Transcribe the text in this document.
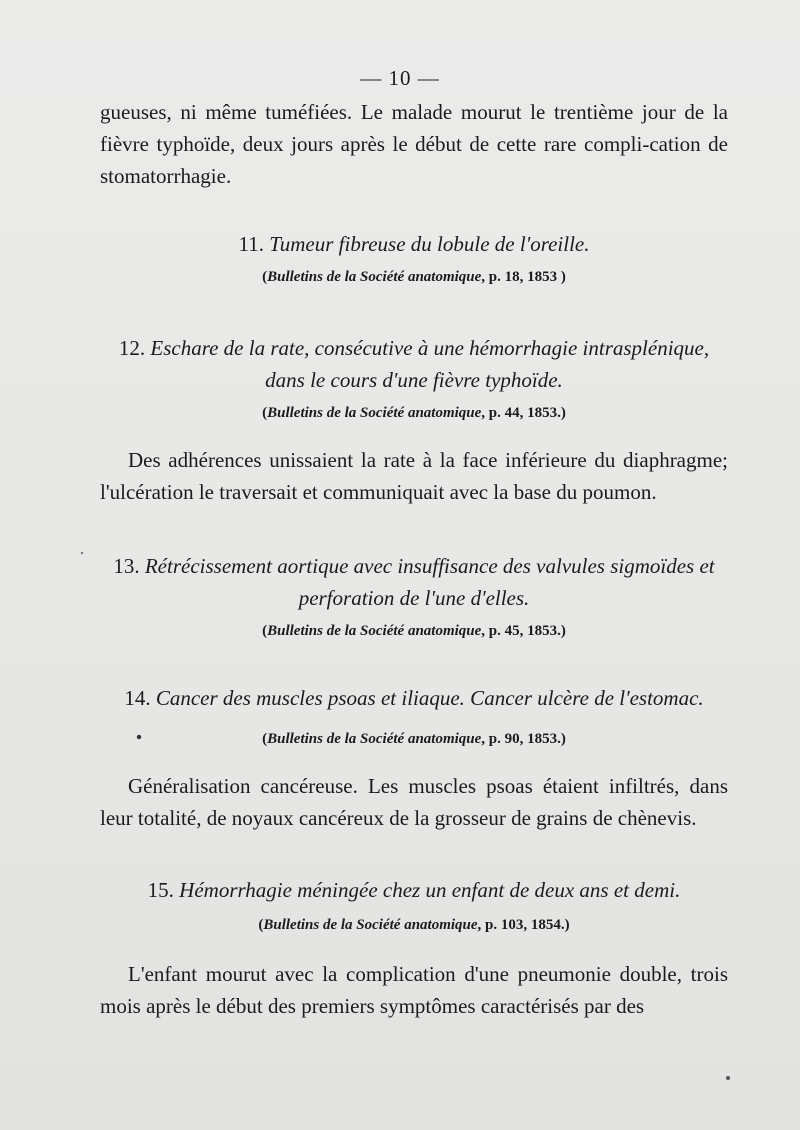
— 10 —

gueuses, ni même tuméfiées. Le malade mourut le trentième jour de la fièvre typhoïde, deux jours après le début de cette rare compli-cation de stomatorrhagie.

11. Tumeur fibreuse du lobule de l'oreille.

(Bulletins de la Société anatomique, p. 18, 1853 )

12. Eschare de la rate, consécutive à une hémorrhagie intrasplénique, dans le cours d'une fièvre typhoïde.

(Bulletins de la Société anatomique, p. 44, 1853.)

Des adhérences unissaient la rate à la face inférieure du diaphragme; l'ulcération le traversait et communiquait avec la base du poumon.

13. Rétrécissement aortique avec insuffisance des valvules sigmoïdes et perforation de l'une d'elles.

(Bulletins de la Société anatomique, p. 45, 1853.)

14. Cancer des muscles psoas et iliaque. Cancer ulcère de l'estomac.

(Bulletins de la Société anatomique, p. 90, 1853.)

Généralisation cancéreuse. Les muscles psoas étaient infiltrés, dans leur totalité, de noyaux cancéreux de la grosseur de grains de chènevis.

15. Hémorrhagie méningée chez un enfant de deux ans et demi.

(Bulletins de la Société anatomique, p. 103, 1854.)

L'enfant mourut avec la complication d'une pneumonie double, trois mois après le début des premiers symptômes caractérisés par des
